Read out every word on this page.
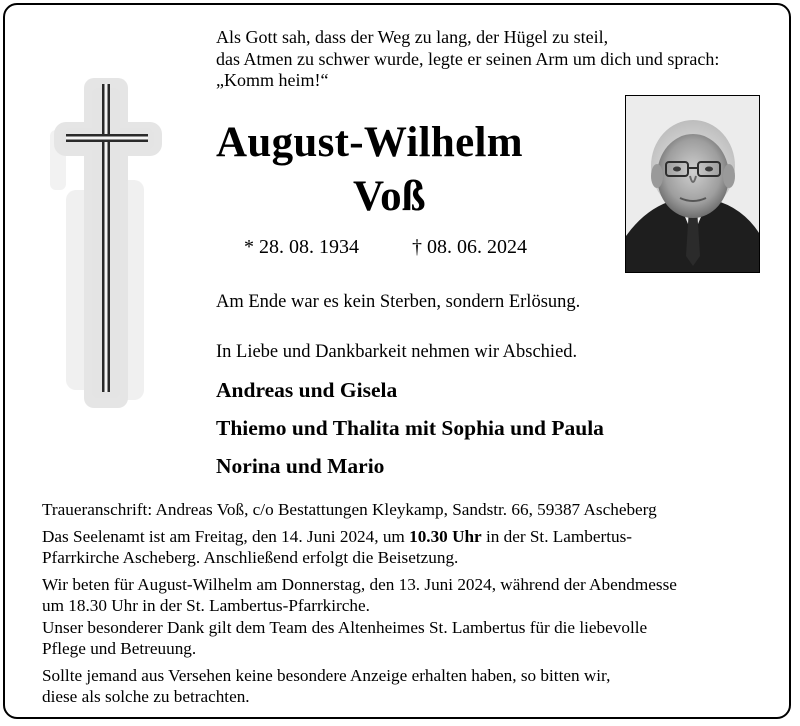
Als Gott sah, dass der Weg zu lang, der Hügel zu steil,
das Atmen zu schwer wurde, legte er seinen Arm um dich und sprach:
„Komm heim!“
August-Wilhelm
Voß
* 28. 08. 1934	† 08. 06. 2024
Am Ende war es kein Sterben, sondern Erlösung.
In Liebe und Dankbarkeit nehmen wir Abschied.
Andreas und Gisela
Thiemo und Thalita mit Sophia und Paula
Norina und Mario
Traueranschrift: Andreas Voß, c/o Bestattungen Kleykamp, Sandstr. 66, 59387 Ascheberg
Das Seelenamt ist am Freitag, den 14. Juni 2024, um 10.30 Uhr in der St. Lambertus-
Pfarrkirche Ascheberg. Anschließend erfolgt die Beisetzung.
Wir beten für August-Wilhelm am Donnerstag, den 13. Juni 2024, während der Abendmesse
um 18.30 Uhr in der St. Lambertus-Pfarrkirche.
Unser besonderer Dank gilt dem Team des Altenheimes St. Lambertus für die liebevolle
Pflege und Betreuung.
Sollte jemand aus Versehen keine besondere Anzeige erhalten haben, so bitten wir,
diese als solche zu betrachten.
